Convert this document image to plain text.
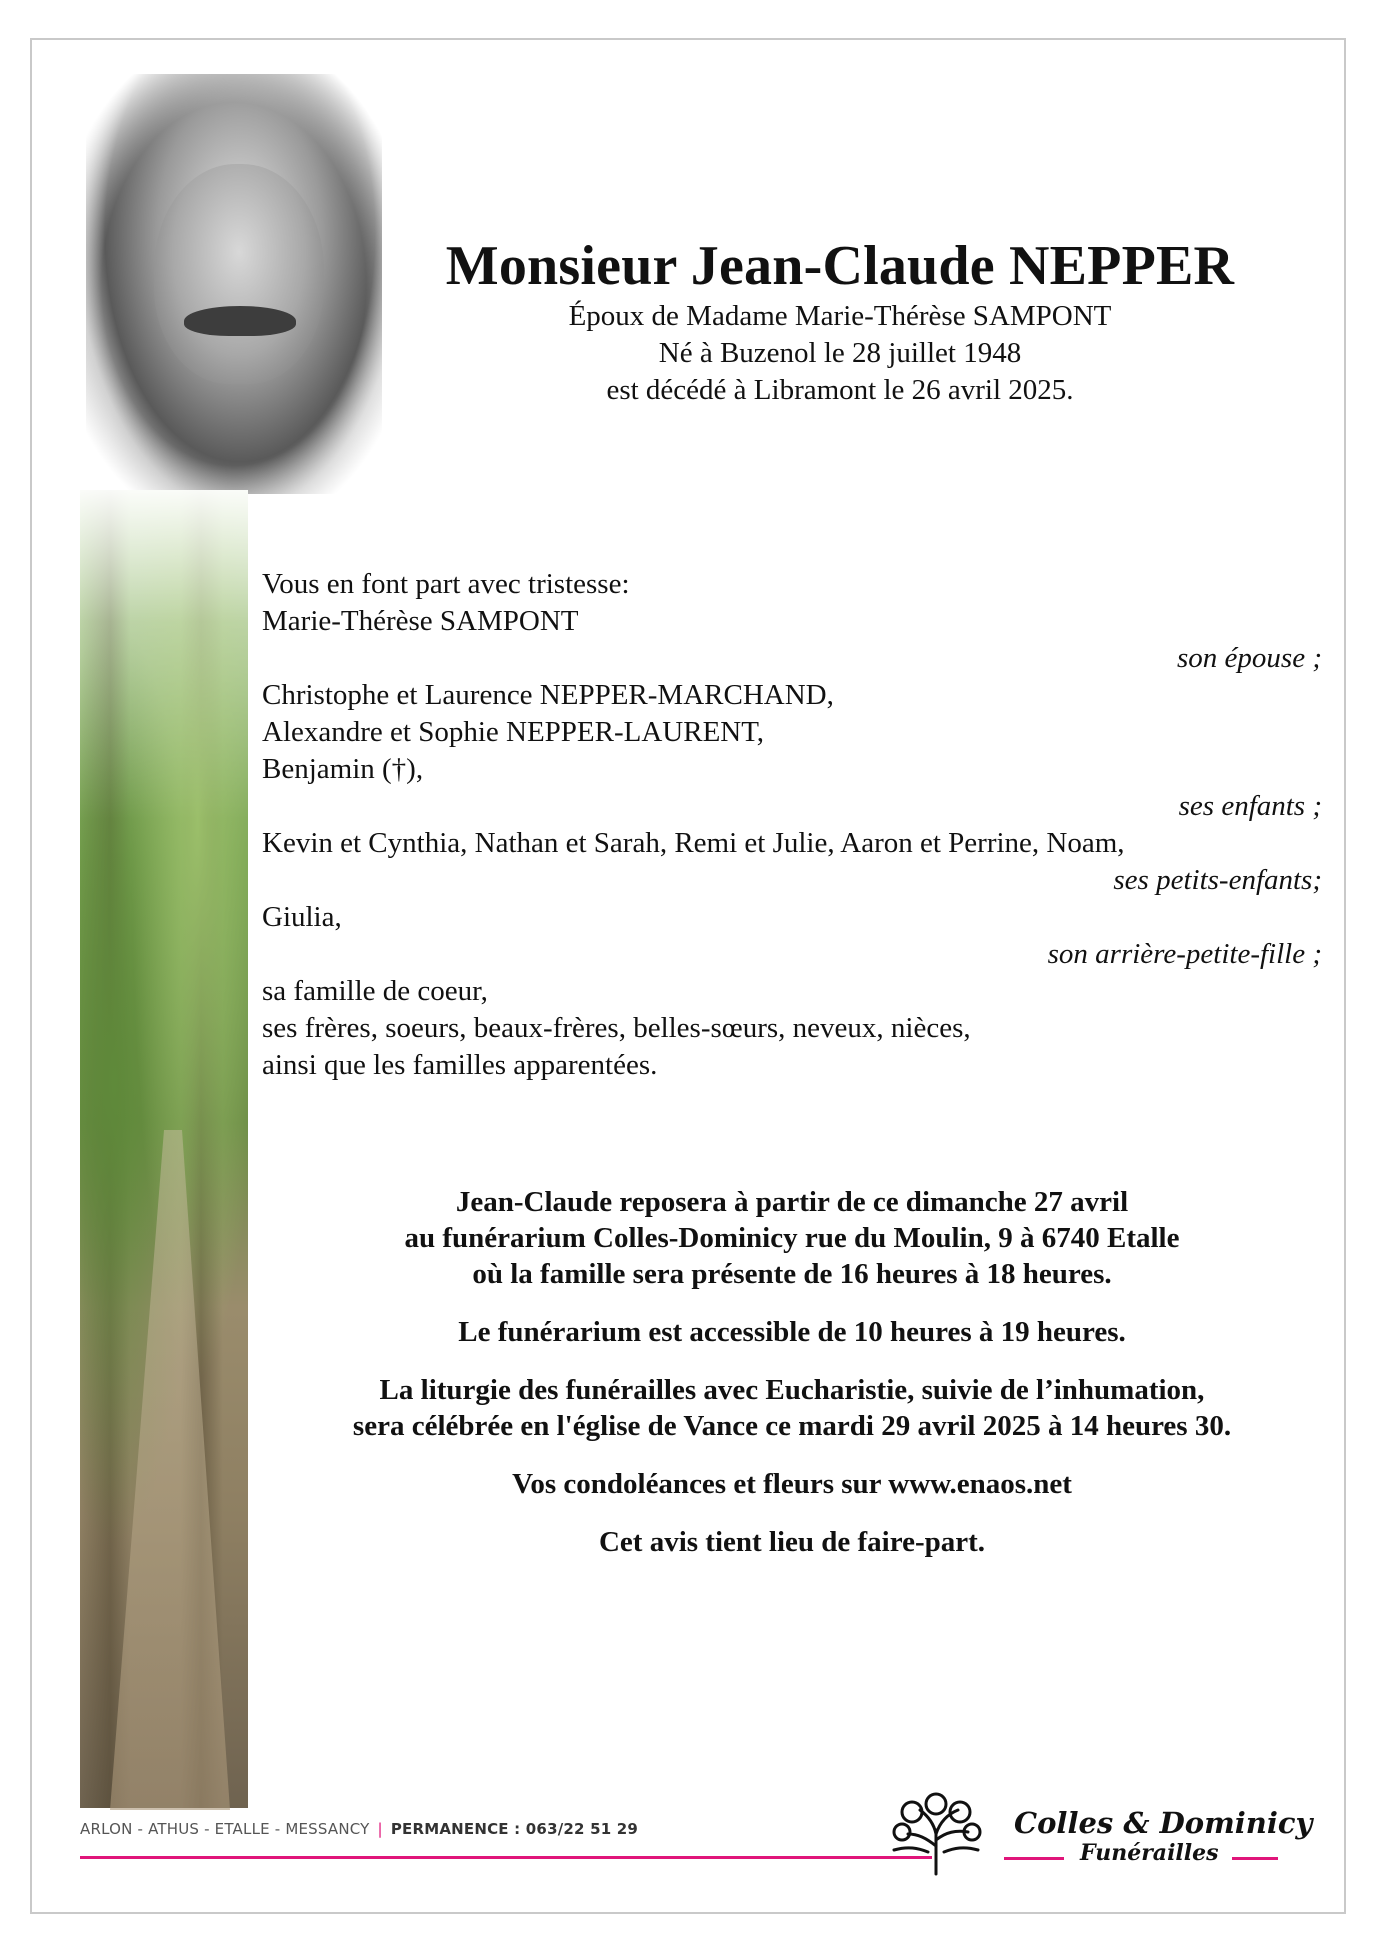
Monsieur Jean-Claude NEPPER
Époux de Madame Marie-Thérèse SAMPONT
Né à Buzenol le 28 juillet 1948
est décédé à Libramont le 26 avril 2025.
Vous en font part avec tristesse:
Marie-Thérèse SAMPONT
son épouse ;
Christophe et Laurence NEPPER-MARCHAND,
Alexandre et Sophie NEPPER-LAURENT,
Benjamin (†),
ses enfants ;
Kevin et Cynthia, Nathan et Sarah, Remi et Julie, Aaron et Perrine, Noam,
ses petits-enfants;
Giulia,
son arrière-petite-fille ;
sa famille de coeur,
ses frères, soeurs, beaux-frères, belles-sœurs, neveux, nièces,
ainsi que les familles apparentées.
Jean-Claude reposera à partir de ce dimanche 27 avril
au funérarium Colles-Dominicy rue du Moulin, 9 à 6740 Etalle
où la famille sera présente de 16 heures à 18 heures.
Le funérarium est accessible de 10 heures à 19 heures.
La liturgie des funérailles avec Eucharistie, suivie de l’inhumation,
sera célébrée en l'église de Vance ce mardi 29 avril 2025 à 14 heures 30.
Vos condoléances et fleurs sur www.enaos.net
Cet avis tient lieu de faire-part.
ARLON - ATHUS - ETALLE - MESSANCY | PERMANENCE : 063/22 51 29	Colles & Dominicy
Funérailles
